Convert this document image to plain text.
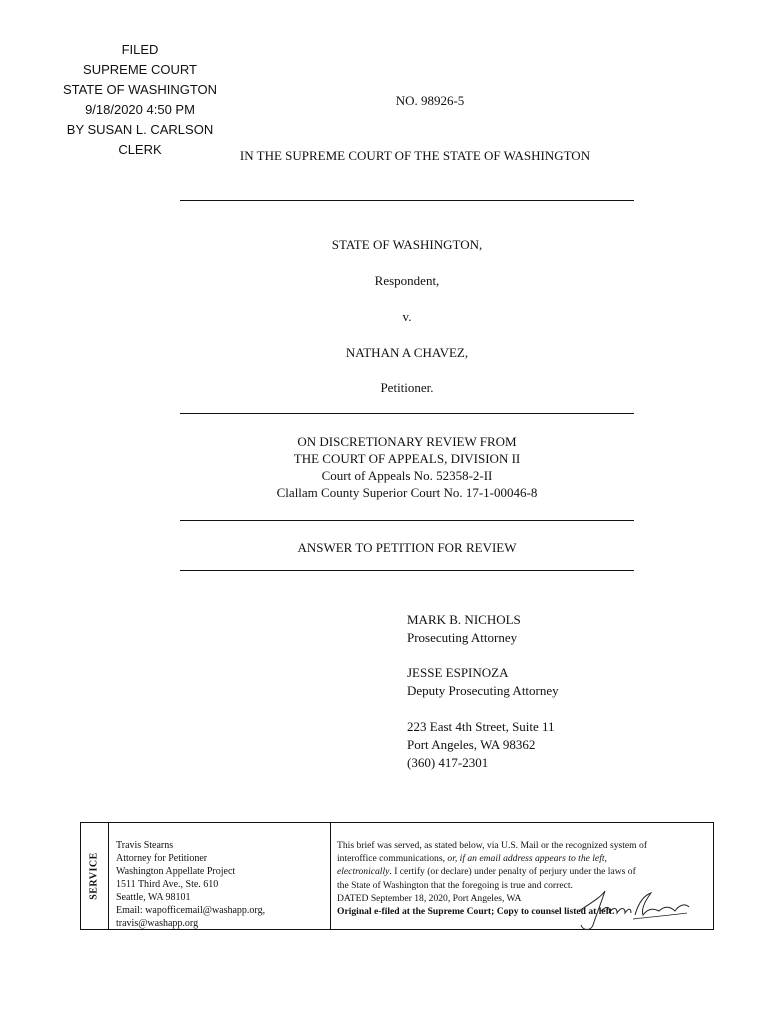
FILED
SUPREME COURT
STATE OF WASHINGTON
9/18/2020 4:50 PM
BY SUSAN L. CARLSON
CLERK
NO. 98926-5
IN THE SUPREME COURT OF THE STATE OF WASHINGTON
STATE OF WASHINGTON,
Respondent,
v.
NATHAN A CHAVEZ,
Petitioner.
ON DISCRETIONARY REVIEW FROM
THE COURT OF APPEALS, DIVISION II
Court of Appeals No. 52358-2-II
Clallam County Superior Court No. 17-1-00046-8
ANSWER TO PETITION FOR REVIEW
MARK B. NICHOLS
Prosecuting Attorney
JESSE ESPINOZA
Deputy Prosecuting Attorney
223 East 4th Street, Suite 11
Port Angeles, WA 98362
(360) 417-2301
SERVICE
Travis Stearns
Attorney for Petitioner
Washington Appellate Project
1511 Third Ave., Ste. 610
Seattle, WA 98101
Email: wapofficemail@washapp.org,
travis@washapp.org
This brief was served, as stated below, via U.S. Mail or the recognized system of
interoffice communications, or, if an email address appears to the left,
electronically. I certify (or declare) under penalty of perjury under the laws of
the State of Washington that the foregoing is true and correct.
DATED September 18, 2020, Port Angeles, WA
Original e-filed at the Supreme Court; Copy to counsel listed at left.
